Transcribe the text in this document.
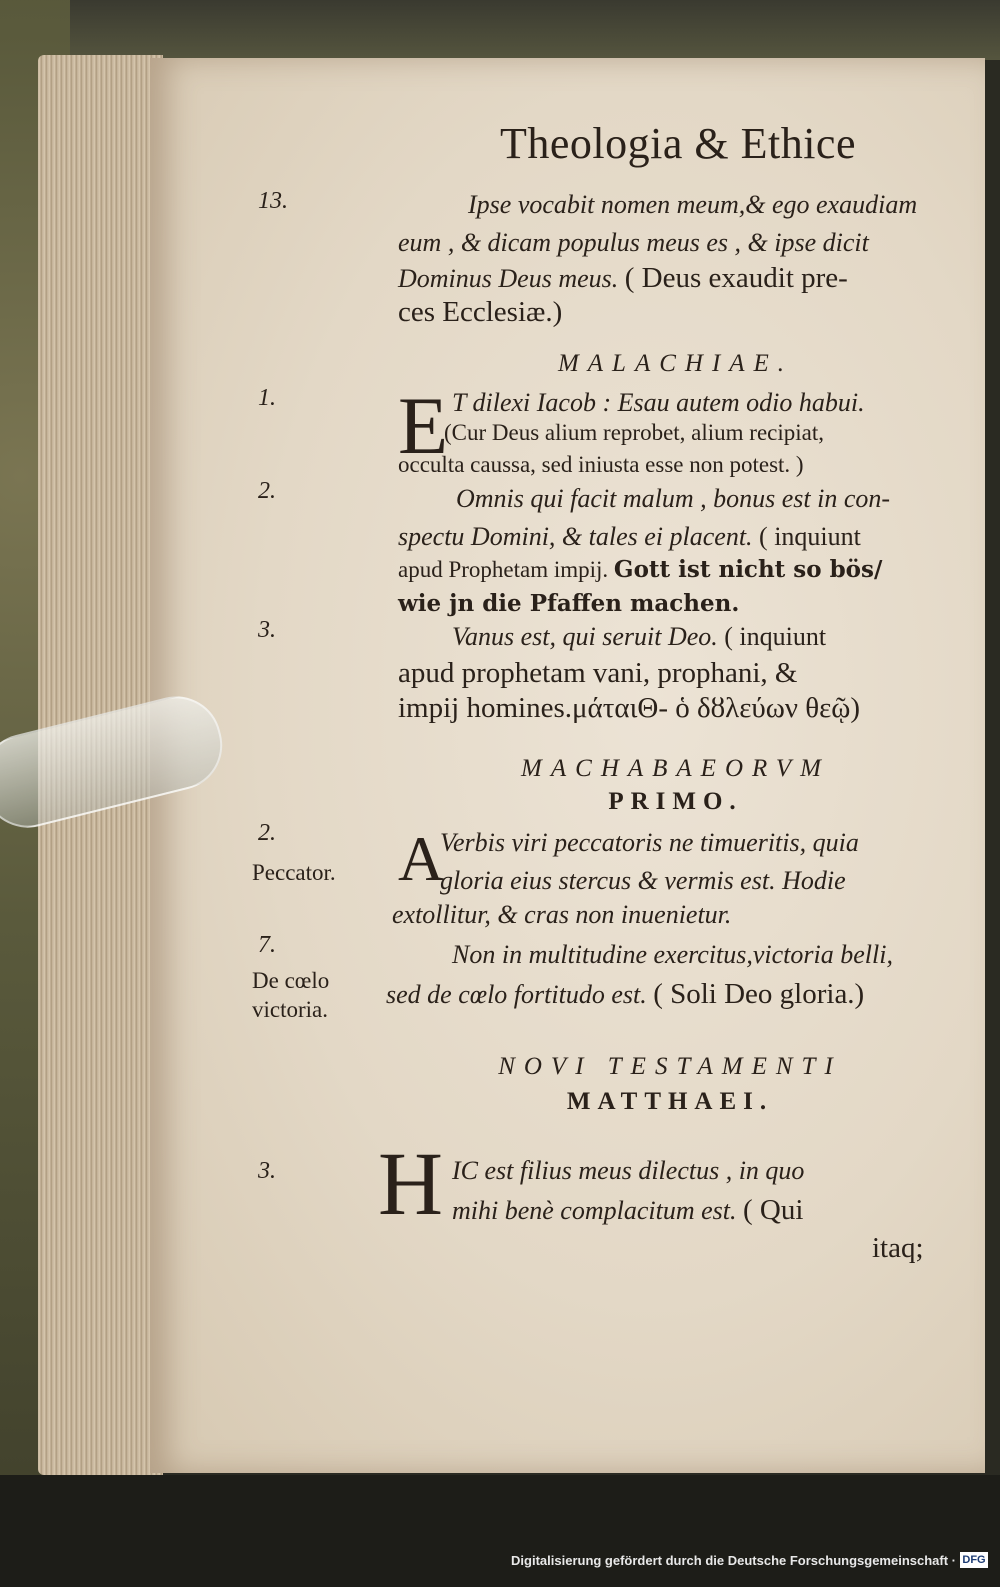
Theologia & Ethice
13.
1.
2.
3.
2.
Peccator.
7.
De cœlo
victoria.
3.
Ipse vocabit nomen meum,& ego exaudiam
eum , & dicam populus meus es , & ipse dicit
Dominus Deus meus. ( Deus exaudit pre-
ces Ecclesiæ.)
MALACHIAE.
E T dilexi Iacob : Esau autem odio habui.
(Cur Deus alium reprobet, alium recipiat,
occulta caussa, sed iniusta esse non potest. )
Omnis qui facit malum , bonus est in con-
spectu Domini, & tales ei placent. ( inquiunt
apud Prophetam impij. Gott ist nicht so bös/
wie jn die Pfaffen machen.
Vanus est, qui seruit Deo. ( inquiunt
apud prophetam vani, prophani, &
impij homines.μάταιΘ- ὁ δȣλεύων θεῷ)
MACHABAEORVM
PRIMO.
A
Verbis viri peccatoris ne timueritis, quia
gloria eius stercus & vermis est. Hodie
extollitur, & cras non inuenietur.
Non in multitudine exercitus,victoria belli,
sed de cœlo fortitudo est. ( Soli Deo gloria.)
NOVI TESTAMENTI
MATTHAEI.
H IC est filius meus dilectus , in quo
mihi benè complacitum est. ( Qui
itaq;
Digitalisierung gefördert durch die Deutsche Forschungsgemeinschaft · DFG
